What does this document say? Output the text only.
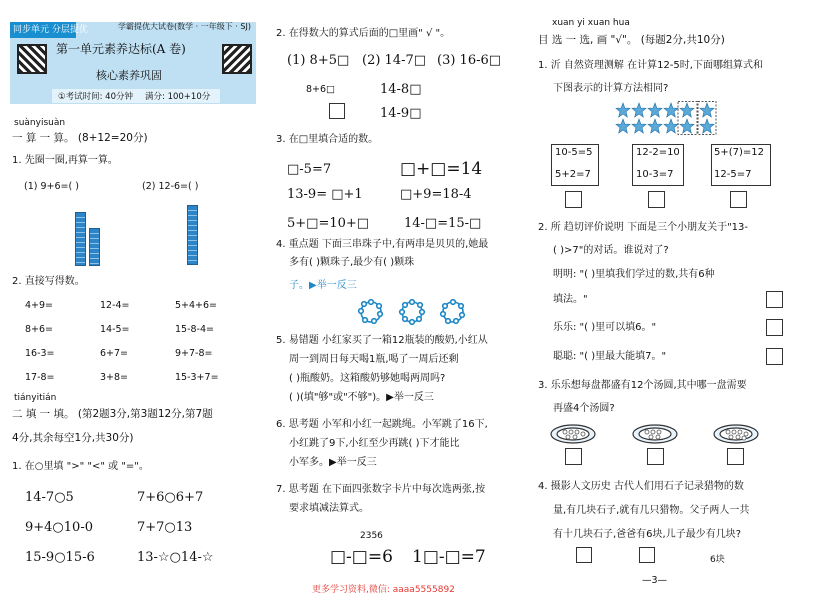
同步单元 分层提优	学霸提优大试卷(数学 · 一年级下 · SJ)
第一单元素养达标(A 卷)
核心素养巩固
①考试时间: 40分钟 满分: 100+10分
suànyisuàn
一 算 一 算。 (8+12=20分)
1. 先圈一圈,再算一算。
(1) 9+6=( )	(2) 12-6=( )
2. 直接写得数。
4+9=	12-4=	5+4+6=
8+6=	14-5=	15-8-4=
16-3=	6+7=	9+7-8=
17-8=	3+8=	15-3+7=
tiányitián
二 填 一 填。 (第2题3分,第3题12分,第7题
4分,其余每空1分,共30分)
1. 在○里填 ">" "<" 或 "="。
14-7○5	7+6○6+7
9+4○10-0	7+7○13
15-9○15-6	13-☆○14-☆
2. 在得数大的算式后面的□里画" √ "。
(1) 8+5□ (2) 14-7□ (3) 16-6□
8+6□	14-8□
14-9□
3. 在□里填合适的数。
□-5=7	□+□=14
13-9= □+1	□+9=18-4
5+□=10+□	14-□=15-□
4. 重点题 下面三串珠子中,有两串是贝贝的,她最
多有( )颗珠子,最少有( )颗珠
子。▶举一反三
5. 易错题 小红家买了一箱12瓶装的酸奶,小红从
周一到周日每天喝1瓶,喝了一周后还剩
( )瓶酸奶。这箱酸奶够她喝两周吗?
( )(填"够"或"不够")。▶举一反三
6. 思考题 小军和小红一起跳绳。小军跳了16下,
小红跳了9下,小红至少再跳( )下才能比
小军多。▶举一反三
7. 思考题 在下面四张数字卡片中每次选两张,按
要求填减法算式。
2356
□-□=6 1□-□=7
更多学习资料,微信: aaaa5555892
xuan yi xuan hua
目 选 一 选, 画 "√"。 (每题2分,共10分)
1. 沂 自然资理测解 在计算12-5时,下面哪组算式和
下图表示的计算方法相同?
10-5=5
5+2=7
12-2=10
10-3=7
5+(7)=12
12-5=7
2. 所 趋切评价说明 下面是三个小朋友关于"13-
( )>7"的对话。谁说对了?
明明: "( )里填我们学过的数,共有6种
填法。"
乐乐: "( )里可以填6。"
聪聪: "( )里最大能填7。"
3. 乐乐想每盘都盛有12个汤圆,其中哪一盘需要
再盛4个汤圆?
4. 摄影人文历史 古代人们用石子记录猎物的数
量,有几块石子,就有几只猎物。父子两人一共
有十几块石子,爸爸有6块,儿子最少有几块?
6块
—3—
